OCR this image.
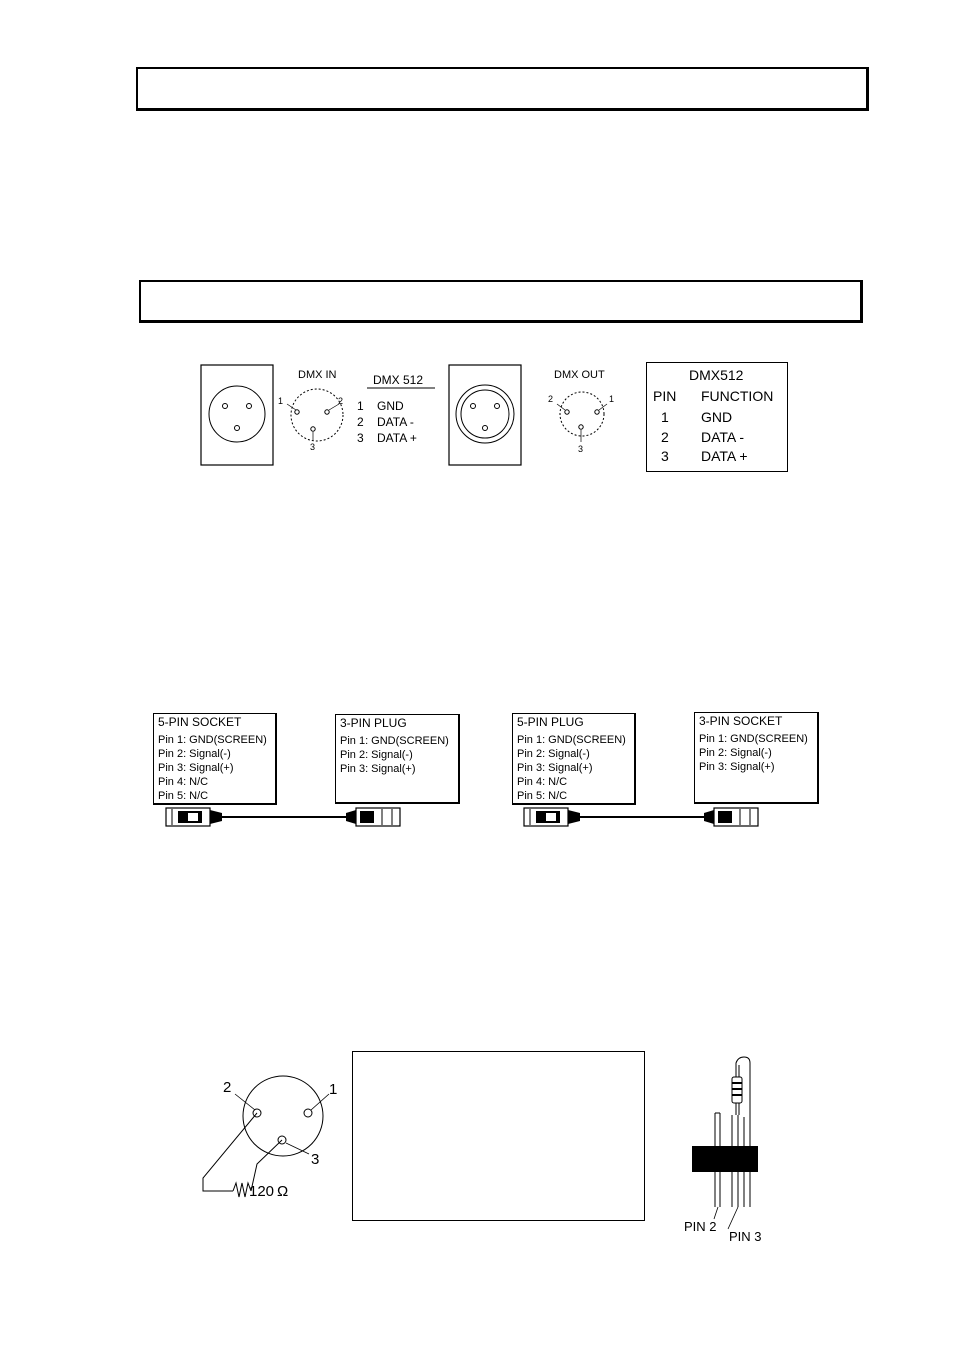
DMX IN
1	2
3
DMX 512
1 GND
2 DATA -
3 DATA +
DMX OUT
2	1
3
DMX512
PIN FUNCTION
1 GND
2 DATA -
3 DATA +
5-PIN SOCKET
Pin 1: GND(SCREEN)
Pin 2: Signal(-)
Pin 3: Signal(+)
Pin 4: N/C
Pin 5: N/C
3-PIN PLUG
Pin 1: GND(SCREEN)
Pin 2: Signal(-)
Pin 3: Signal(+)
5-PIN PLUG
Pin 1: GND(SCREEN)
Pin 2: Signal(-)
Pin 3: Signal(+)
Pin 4: N/C
Pin 5: N/C
3-PIN SOCKET
Pin 1: GND(SCREEN)
Pin 2: Signal(-)
Pin 3: Signal(+)
2	1
3
120 Ω
PIN 2
PIN 3
